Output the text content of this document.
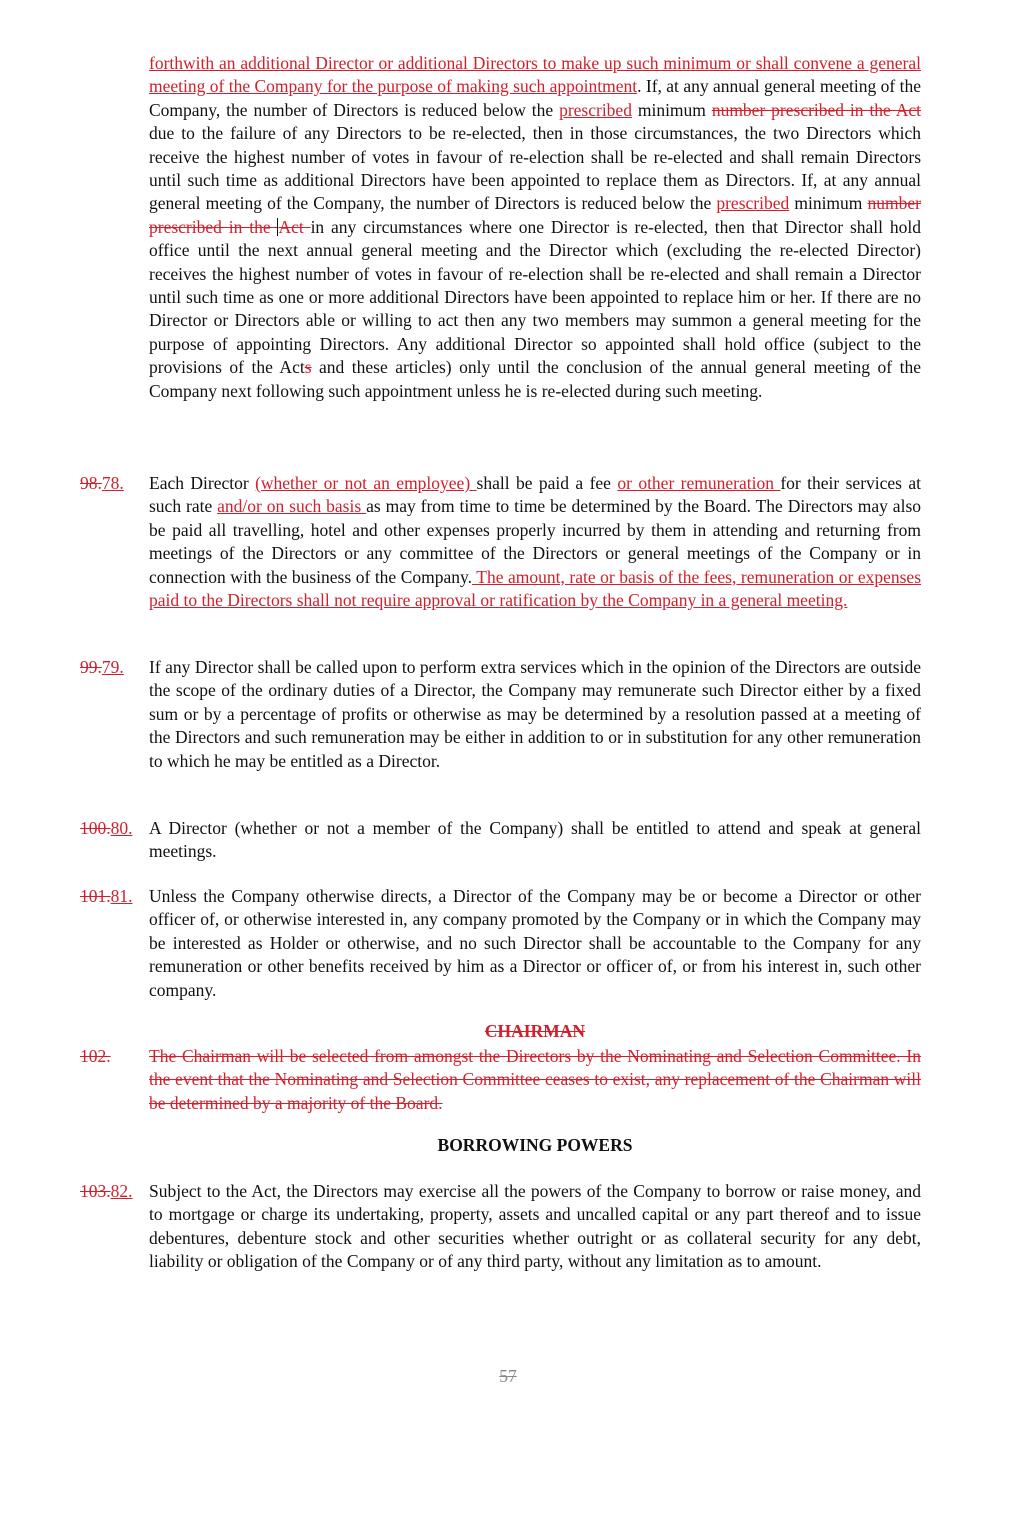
forthwith an additional Director or additional Directors to make up such minimum or shall convene a general meeting of the Company for the purpose of making such appointment. If, at any annual general meeting of the Company, the number of Directors is reduced below the prescribed minimum number prescribed in the Act due to the failure of any Directors to be re-elected, then in those circumstances, the two Directors which receive the highest number of votes in favour of re-election shall be re-elected and shall remain Directors until such time as additional Directors have been appointed to replace them as Directors. If, at any annual general meeting of the Company, the number of Directors is reduced below the prescribed minimum number prescribed in the Act in any circumstances where one Director is re-elected, then that Director shall hold office until the next annual general meeting and the Director which (excluding the re-elected Director) receives the highest number of votes in favour of re-election shall be re-elected and shall remain a Director until such time as one or more additional Directors have been appointed to replace him or her. If there are no Director or Directors able or willing to act then any two members may summon a general meeting for the purpose of appointing Directors. Any additional Director so appointed shall hold office (subject to the provisions of the Acts and these articles) only until the conclusion of the annual general meeting of the Company next following such appointment unless he is re-elected during such meeting.
98.78. Each Director (whether or not an employee) shall be paid a fee or other remuneration for their services at such rate and/or on such basis as may from time to time be determined by the Board. The Directors may also be paid all travelling, hotel and other expenses properly incurred by them in attending and returning from meetings of the Directors or any committee of the Directors or general meetings of the Company or in connection with the business of the Company. The amount, rate or basis of the fees, remuneration or expenses paid to the Directors shall not require approval or ratification by the Company in a general meeting.
99.79. If any Director shall be called upon to perform extra services which in the opinion of the Directors are outside the scope of the ordinary duties of a Director, the Company may remunerate such Director either by a fixed sum or by a percentage of profits or otherwise as may be determined by a resolution passed at a meeting of the Directors and such remuneration may be either in addition to or in substitution for any other remuneration to which he may be entitled as a Director.
100.80. A Director (whether or not a member of the Company) shall be entitled to attend and speak at general meetings.
101.81. Unless the Company otherwise directs, a Director of the Company may be or become a Director or other officer of, or otherwise interested in, any company promoted by the Company or in which the Company may be interested as Holder or otherwise, and no such Director shall be accountable to the Company for any remuneration or other benefits received by him as a Director or officer of, or from his interest in, such other company.
CHAIRMAN
102. The Chairman will be selected from amongst the Directors by the Nominating and Selection Committee. In the event that the Nominating and Selection Committee ceases to exist, any replacement of the Chairman will be determined by a majority of the Board.
BORROWING POWERS
103.82. Subject to the Act, the Directors may exercise all the powers of the Company to borrow or raise money, and to mortgage or charge its undertaking, property, assets and uncalled capital or any part thereof and to issue debentures, debenture stock and other securities whether outright or as collateral security for any debt, liability or obligation of the Company or of any third party, without any limitation as to amount.
57
